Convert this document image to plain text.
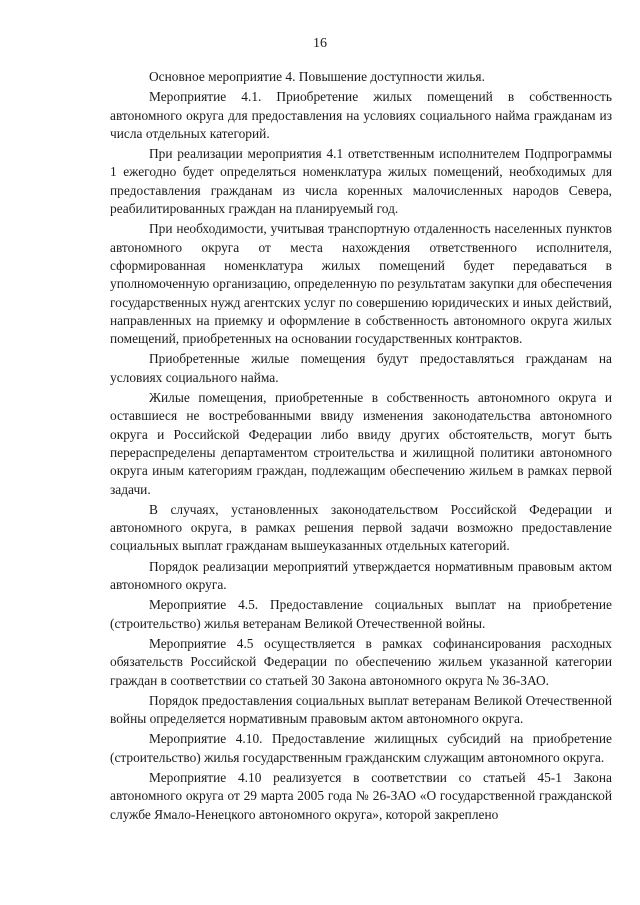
16

Основное мероприятие 4. Повышение доступности жилья.

Мероприятие 4.1. Приобретение жилых помещений в собственность автономного округа для предоставления на условиях социального найма гражданам из числа отдельных категорий.

При реализации мероприятия 4.1 ответственным исполнителем Подпрограммы 1 ежегодно будет определяться номенклатура жилых помещений, необходимых для предоставления гражданам из числа коренных малочисленных народов Севера, реабилитированных граждан на планируемый год.

При необходимости, учитывая транспортную отдаленность населенных пунктов автономного округа от места нахождения ответственного исполнителя, сформированная номенклатура жилых помещений будет передаваться в уполномоченную организацию, определенную по результатам закупки для обеспечения государственных нужд агентских услуг по совершению юридических и иных действий, направленных на приемку и оформление в собственность автономного округа жилых помещений, приобретенных на основании государственных контрактов.

Приобретенные жилые помещения будут предоставляться гражданам на условиях социального найма.

Жилые помещения, приобретенные в собственность автономного округа и оставшиеся не востребованными ввиду изменения законодательства автономного округа и Российской Федерации либо ввиду других обстоятельств, могут быть перераспределены департаментом строительства и жилищной политики автономного округа иным категориям граждан, подлежащим обеспечению жильем в рамках первой задачи.

В случаях, установленных законодательством Российской Федерации и автономного округа, в рамках решения первой задачи возможно предоставление социальных выплат гражданам вышеуказанных отдельных категорий.

Порядок реализации мероприятий утверждается нормативным правовым актом автономного округа.

Мероприятие 4.5. Предоставление социальных выплат на приобретение (строительство) жилья ветеранам Великой Отечественной войны.

Мероприятие 4.5 осуществляется в рамках софинансирования расходных обязательств Российской Федерации по обеспечению жильем указанной категории граждан в соответствии со статьей 30 Закона автономного округа № 36-ЗАО.

Порядок предоставления социальных выплат ветеранам Великой Отечественной войны определяется нормативным правовым актом автономного округа.

Мероприятие 4.10. Предоставление жилищных субсидий на приобретение (строительство) жилья государственным гражданским служащим автономного округа.

Мероприятие 4.10 реализуется в соответствии со статьей 45-1 Закона автономного округа от 29 марта 2005 года № 26-ЗАО «О государственной гражданской службе Ямало-Ненецкого автономного округа», которой закреплено
